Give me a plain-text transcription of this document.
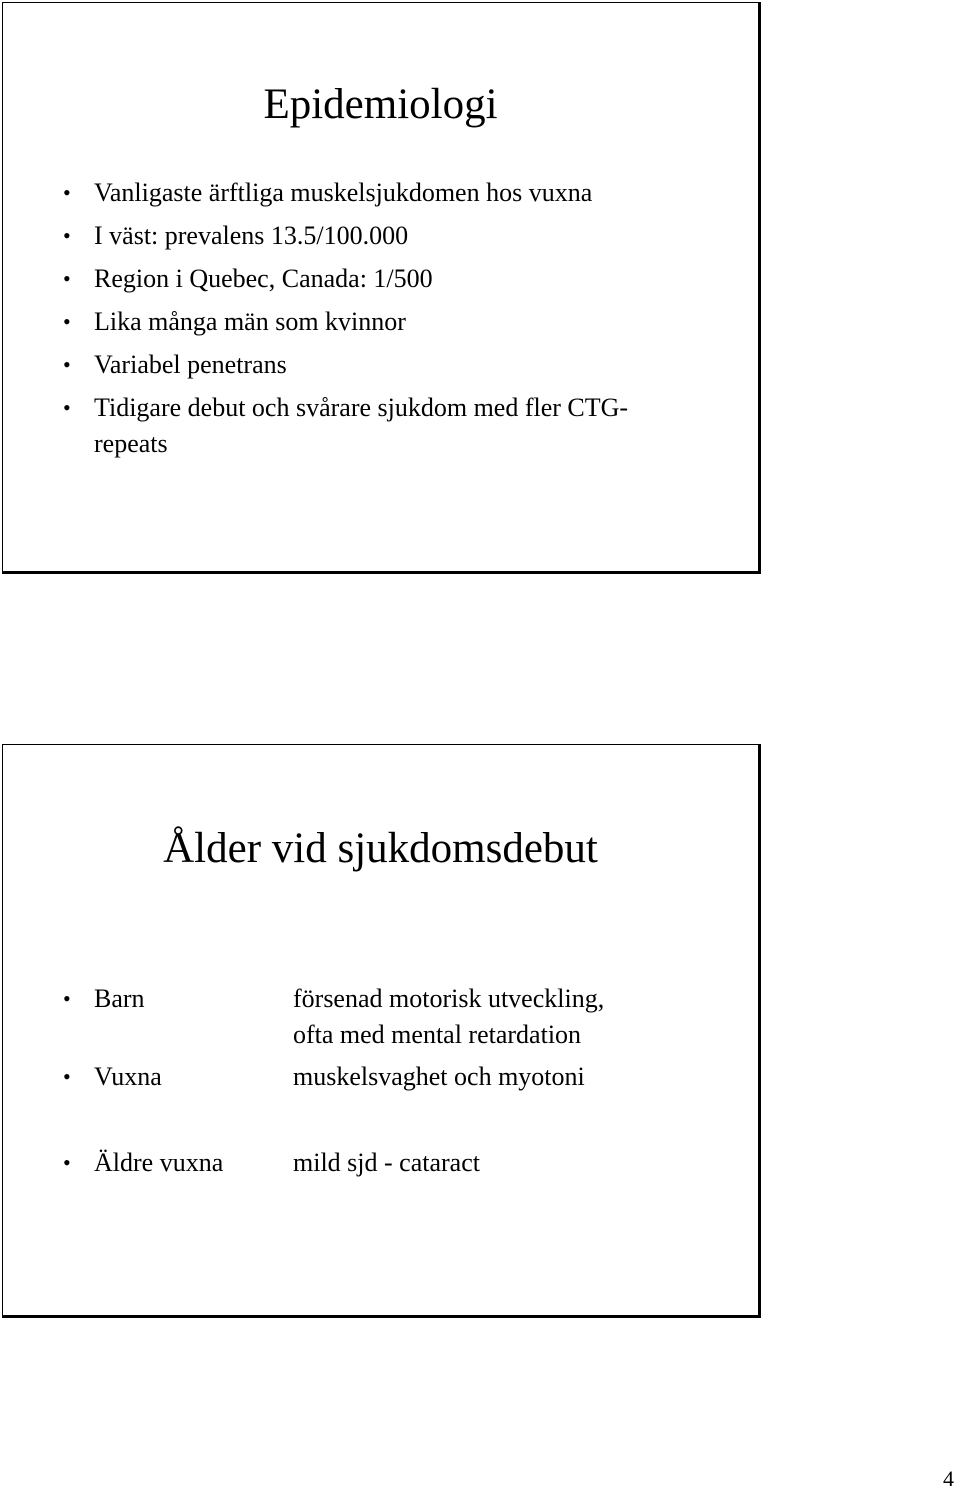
Epidemiologi
• Vanligaste ärftliga muskelsjukdomen hos vuxna
• I väst: prevalens 13.5/100.000
• Region i Quebec, Canada: 1/500
• Lika många män som kvinnor
• Variabel penetrans
• Tidigare debut och svårare sjukdom med fler CTG-repeats
Ålder vid sjukdomsdebut
• Barn	försenad motorisk utveckling, ofta med mental retardation
• Vuxna	muskelsvaghet och myotoni
• Äldre vuxna	mild sjd - cataract
4
